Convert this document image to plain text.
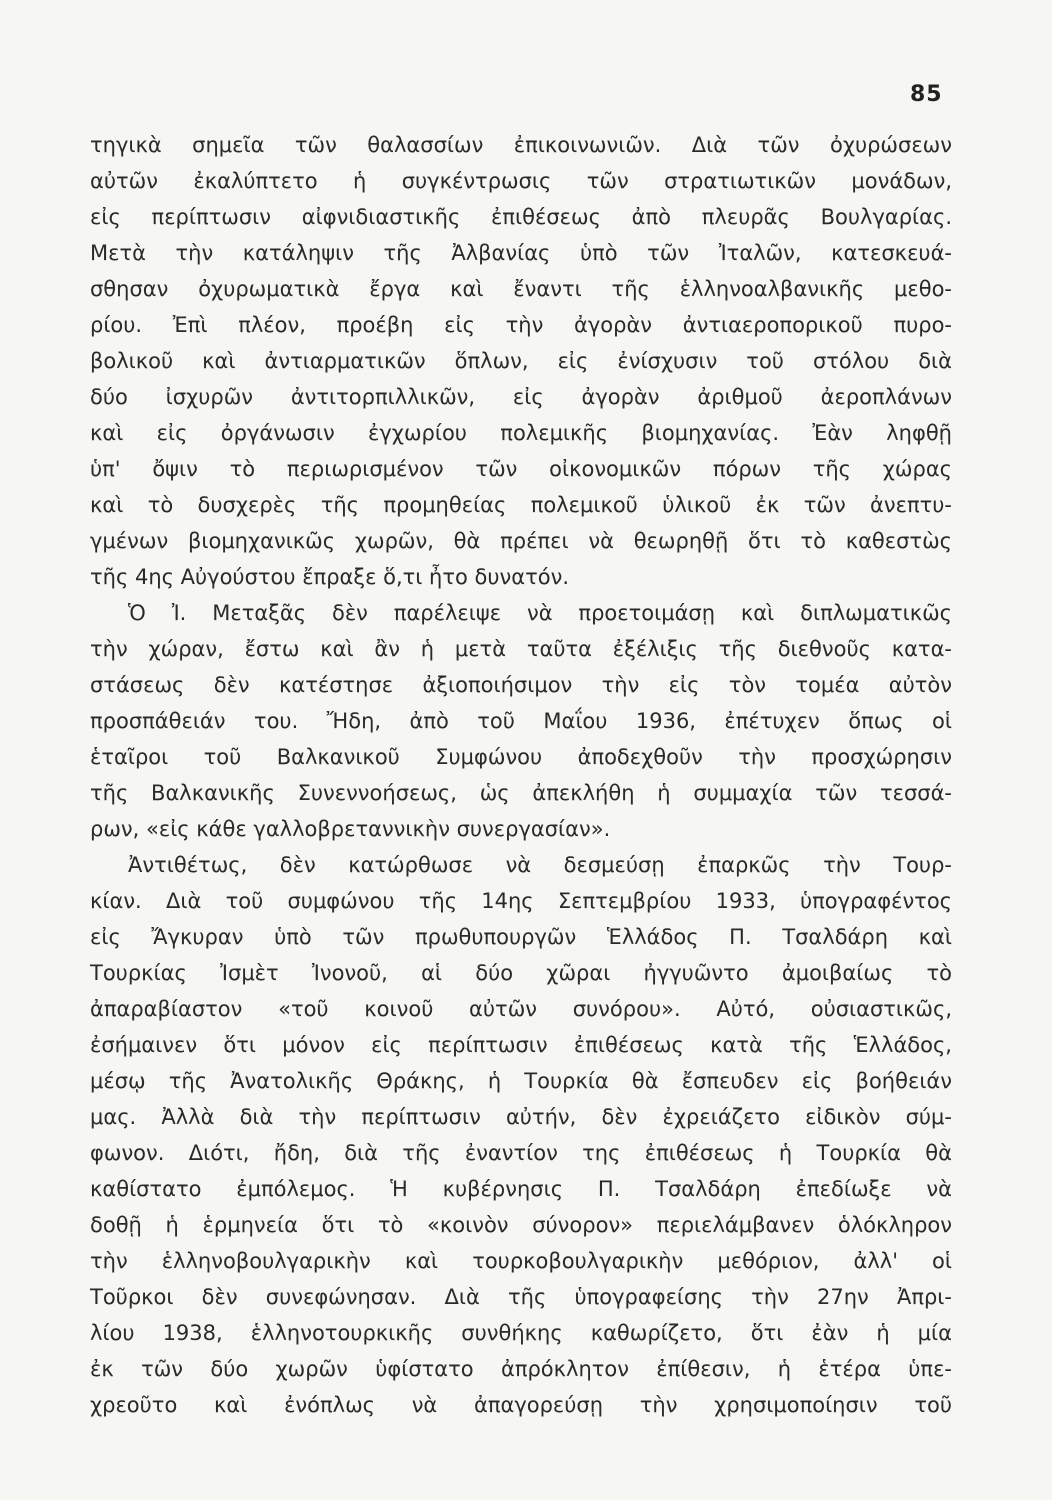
85
τηγικὰ σημεῖα τῶν θαλασσίων ἐπικοινωνιῶν. Διὰ τῶν ὀχυρώσεων
αὐτῶν ἐκαλύπτετο ἡ συγκέντρωσις τῶν στρατιωτικῶν μονάδων,
εἰς περίπτωσιν αἰφνιδιαστικῆς ἐπιθέσεως ἀπὸ πλευρᾶς Βουλγαρίας.
Μετὰ τὴν κατάληψιν τῆς Ἀλβανίας ὑπὸ τῶν Ἰταλῶν, κατεσκευά-
σθησαν ὀχυρωματικὰ ἔργα καὶ ἔναντι τῆς ἑλληνοαλβανικῆς μεθο-
ρίου. Ἐπὶ πλέον, προέβη εἰς τὴν ἀγορὰν ἀντιαεροπορικοῦ πυρο-
βολικοῦ καὶ ἀντιαρματικῶν ὅπλων, εἰς ἐνίσχυσιν τοῦ στόλου διὰ
δύο ἰσχυρῶν ἀντιτορπιλλικῶν, εἰς ἀγορὰν ἀριθμοῦ ἀεροπλάνων
καὶ εἰς ὀργάνωσιν ἐγχωρίου πολεμικῆς βιομηχανίας. Ἐὰν ληφθῇ
ὑπ' ὄψιν τὸ περιωρισμένον τῶν οἰκονομικῶν πόρων τῆς χώρας
καὶ τὸ δυσχερὲς τῆς προμηθείας πολεμικοῦ ὑλικοῦ ἐκ τῶν ἀνεπτυ-
γμένων βιομηχανικῶς χωρῶν, θὰ πρέπει νὰ θεωρηθῇ ὅτι τὸ καθεστὼς
τῆς 4ης Αὐγούστου ἔπραξε ὅ,τι ἦτο δυνατόν.
Ὁ Ἰ. Μεταξᾶς δὲν παρέλειψε νὰ προετοιμάσῃ καὶ διπλωματικῶς
τὴν χώραν, ἔστω καὶ ἂν ἡ μετὰ ταῦτα ἐξέλιξις τῆς διεθνοῦς κατα-
στάσεως δὲν κατέστησε ἀξιοποιήσιμον τὴν εἰς τὸν τομέα αὐτὸν
προσπάθειάν του. Ἤδη, ἀπὸ τοῦ Μαΐου 1936, ἐπέτυχεν ὅπως οἱ
ἑταῖροι τοῦ Βαλκανικοῦ Συμφώνου ἀποδεχθοῦν τὴν προσχώρησιν
τῆς Βαλκανικῆς Συνεννοήσεως, ὡς ἀπεκλήθη ἡ συμμαχία τῶν τεσσά-
ρων, «εἰς κάθε γαλλοβρεταννικὴν συνεργασίαν».
Ἀντιθέτως, δὲν κατώρθωσε νὰ δεσμεύσῃ ἐπαρκῶς τὴν Τουρ-
κίαν. Διὰ τοῦ συμφώνου τῆς 14ης Σεπτεμβρίου 1933, ὑπογραφέντος
εἰς Ἄγκυραν ὑπὸ τῶν πρωθυπουργῶν Ἑλλάδος Π. Τσαλδάρη καὶ
Τουρκίας Ἰσμὲτ Ἰνονοῦ, αἱ δύο χῶραι ἠγγυῶντο ἀμοιβαίως τὸ
ἀπαραβίαστον «τοῦ κοινοῦ αὐτῶν συνόρου». Αὐτό, οὐσιαστικῶς,
ἐσήμαινεν ὅτι μόνον εἰς περίπτωσιν ἐπιθέσεως κατὰ τῆς Ἑλλάδος,
μέσῳ τῆς Ἀνατολικῆς Θράκης, ἡ Τουρκία θὰ ἔσπευδεν εἰς βοήθειάν
μας. Ἀλλὰ διὰ τὴν περίπτωσιν αὐτήν, δὲν ἐχρειάζετο εἰδικὸν σύμ-
φωνον. Διότι, ἤδη, διὰ τῆς ἐναντίον της ἐπιθέσεως ἡ Τουρκία θὰ
καθίστατο ἐμπόλεμος. Ἡ κυβέρνησις Π. Τσαλδάρη ἐπεδίωξε νὰ
δοθῇ ἡ ἑρμηνεία ὅτι τὸ «κοινὸν σύνορον» περιελάμβανεν ὁλόκληρον
τὴν ἑλληνοβουλγαρικὴν καὶ τουρκοβουλγαρικὴν μεθόριον, ἀλλ' οἱ
Τοῦρκοι δὲν συνεφώνησαν. Διὰ τῆς ὑπογραφείσης τὴν 27ην Ἀπρι-
λίου 1938, ἑλληνοτουρκικῆς συνθήκης καθωρίζετο, ὅτι ἐὰν ἡ μία
ἐκ τῶν δύο χωρῶν ὑφίστατο ἀπρόκλητον ἐπίθεσιν, ἡ ἑτέρα ὑπε-
χρεοῦτο καὶ ἐνόπλως νὰ ἀπαγορεύσῃ τὴν χρησιμοποίησιν τοῦ
